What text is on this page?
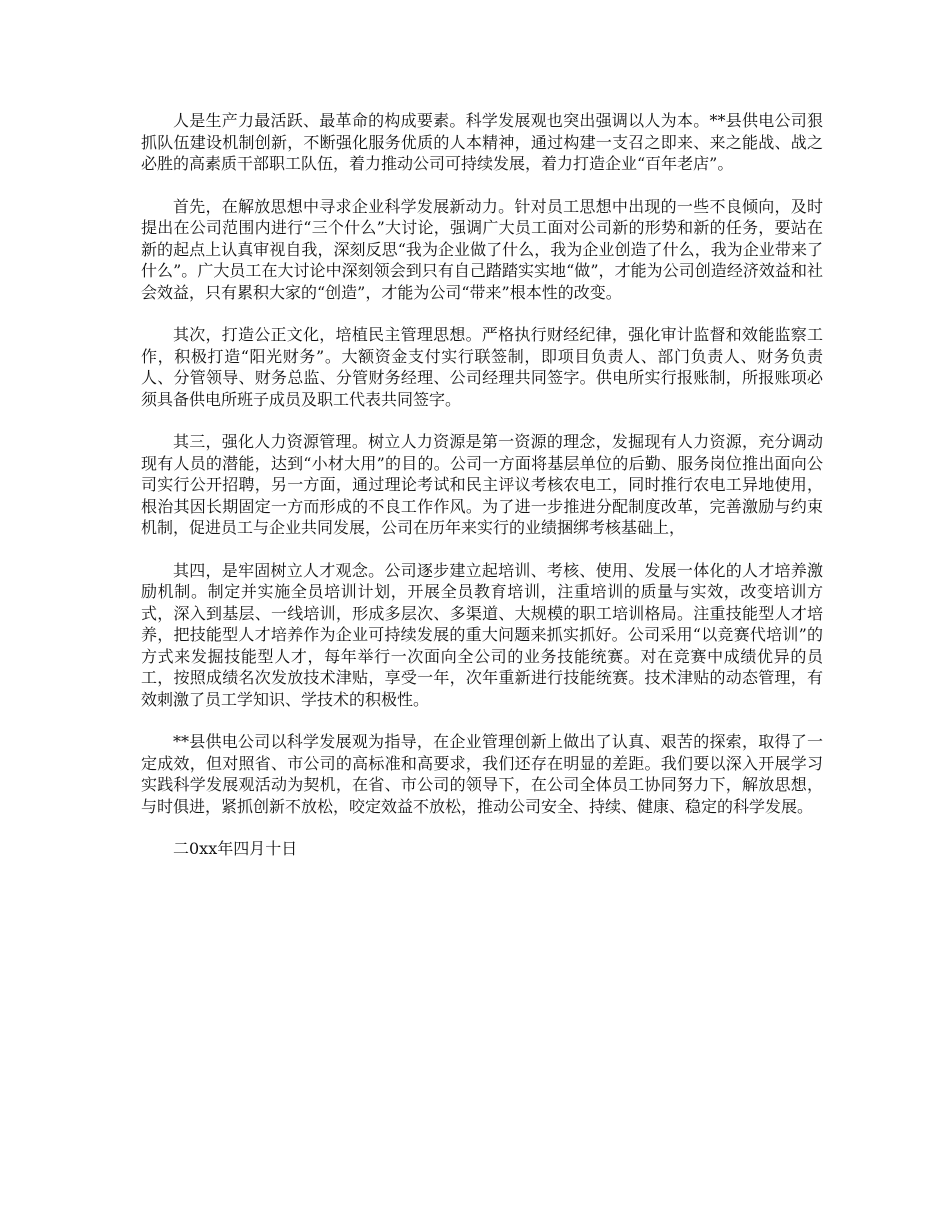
人是生产力最活跃、最革命的构成要素。科学发展观也突出强调以人为本。**县供电公司狠抓队伍建设机制创新，不断强化服务优质的人本精神，通过构建一支召之即来、来之能战、战之必胜的高素质干部职工队伍，着力推动公司可持续发展，着力打造企业“百年老店”。

首先，在解放思想中寻求企业科学发展新动力。针对员工思想中出现的一些不良倾向，及时提出在公司范围内进行“三个什么”大讨论，强调广大员工面对公司新的形势和新的任务，要站在新的起点上认真审视自我，深刻反思“我为企业做了什么，我为企业创造了什么，我为企业带来了什么”。广大员工在大讨论中深刻领会到只有自己踏踏实实地“做”，才能为公司创造经济效益和社会效益，只有累积大家的“创造”，才能为公司“带来”根本性的改变。

其次，打造公正文化，培植民主管理思想。严格执行财经纪律，强化审计监督和效能监察工作，积极打造“阳光财务”。大额资金支付实行联签制，即项目负责人、部门负责人、财务负责人、分管领导、财务总监、分管财务经理、公司经理共同签字。供电所实行报账制，所报账项必须具备供电所班子成员及职工代表共同签字。

其三，强化人力资源管理。树立人力资源是第一资源的理念，发掘现有人力资源，充分调动现有人员的潜能，达到“小材大用”的目的。公司一方面将基层单位的后勤、服务岗位推出面向公司实行公开招聘，另一方面，通过理论考试和民主评议考核农电工，同时推行农电工异地使用，根治其因长期固定一方而形成的不良工作作风。为了进一步推进分配制度改革，完善激励与约束机制，促进员工与企业共同发展，公司在历年来实行的业绩捆绑考核基础上，

其四，是牢固树立人才观念。公司逐步建立起培训、考核、使用、发展一体化的人才培养激励机制。制定并实施全员培训计划，开展全员教育培训，注重培训的质量与实效，改变培训方式，深入到基层、一线培训，形成多层次、多渠道、大规模的职工培训格局。注重技能型人才培养，把技能型人才培养作为企业可持续发展的重大问题来抓实抓好。公司采用“以竞赛代培训”的方式来发掘技能型人才，每年举行一次面向全公司的业务技能统赛。对在竞赛中成绩优异的员工，按照成绩名次发放技术津贴，享受一年，次年重新进行技能统赛。技术津贴的动态管理，有效刺激了员工学知识、学技术的积极性。

**县供电公司以科学发展观为指导，在企业管理创新上做出了认真、艰苦的探索，取得了一定成效，但对照省、市公司的高标准和高要求，我们还存在明显的差距。我们要以深入开展学习实践科学发展观活动为契机，在省、市公司的领导下，在公司全体员工协同努力下，解放思想，与时俱进，紧抓创新不放松，咬定效益不放松，推动公司安全、持续、健康、稳定的科学发展。

二0xx年四月十日
